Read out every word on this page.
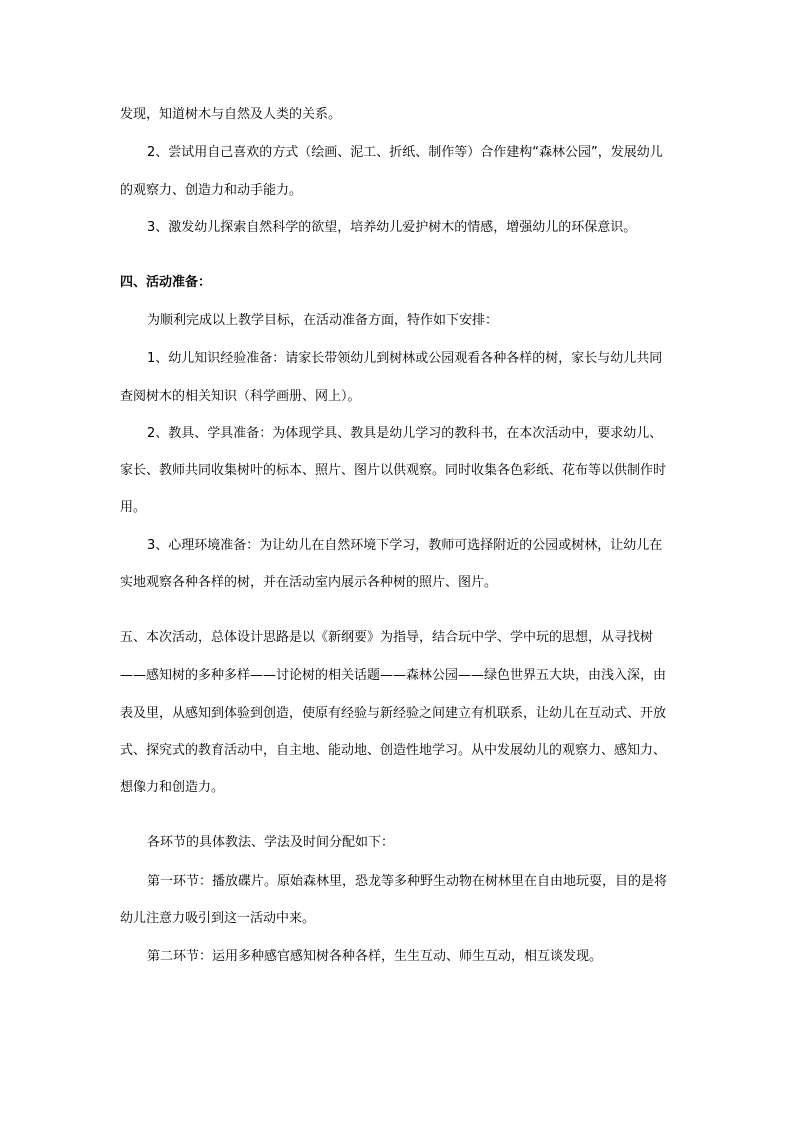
发现，知道树木与自然及人类的关系。
2、尝试用自己喜欢的方式（绘画、泥工、折纸、制作等）合作建构“森林公园”，发展幼儿
的观察力、创造力和动手能力。
3、激发幼儿探索自然科学的欲望，培养幼儿爱护树木的情感，增强幼儿的环保意识。
四、活动准备：
为顺利完成以上教学目标，在活动准备方面，特作如下安排：
1、幼儿知识经验准备：请家长带领幼儿到树林或公园观看各种各样的树，家长与幼儿共同
查阅树木的相关知识（科学画册、网上）。
2、教具、学具准备：为体现学具、教具是幼儿学习的教科书，在本次活动中，要求幼儿、
家长、教师共同收集树叶的标本、照片、图片以供观察。同时收集各色彩纸、花布等以供制作时
用。
3、心理环境准备：为让幼儿在自然环境下学习，教师可选择附近的公园或树林，让幼儿在
实地观察各种各样的树，并在活动室内展示各种树的照片、图片。
五、本次活动，总体设计思路是以《新纲要》为指导，结合玩中学、学中玩的思想，从寻找树
——感知树的多种多样——讨论树的相关话题——森林公园——绿色世界五大块，由浅入深，由
表及里，从感知到体验到创造，使原有经验与新经验之间建立有机联系，让幼儿在互动式、开放
式、探究式的教育活动中，自主地、能动地、创造性地学习。从中发展幼儿的观察力、感知力、
想像力和创造力。
各环节的具体教法、学法及时间分配如下：
第一环节：播放碟片。原始森林里，恐龙等多种野生动物在树林里在自由地玩耍，目的是将
幼儿注意力吸引到这一活动中来。
第二环节：运用多种感官感知树各种各样，生生互动、师生互动，相互谈发现。
